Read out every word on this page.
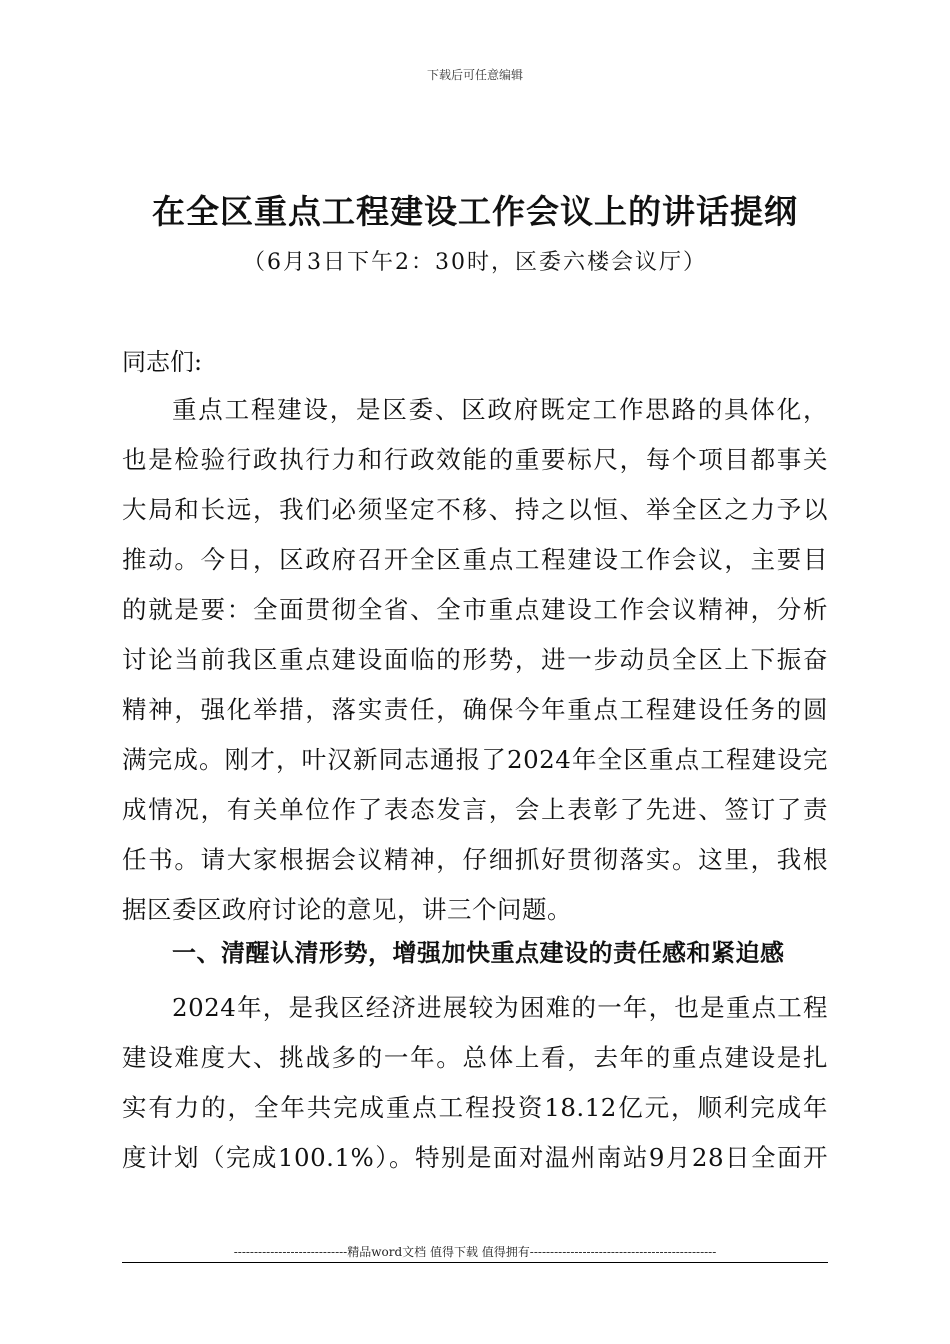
下载后可任意编辑
在全区重点工程建设工作会议上的讲话提纲
（6月3日下午2：30时，区委六楼会议厅）
同志们:
重点工程建设，是区委、区政府既定工作思路的具体化，
也是检验行政执行力和行政效能的重要标尺，每个项目都事关
大局和长远，我们必须坚定不移、持之以恒、举全区之力予以
推动。今日，区政府召开全区重点工程建设工作会议，主要目
的就是要：全面贯彻全省、全市重点建设工作会议精神，分析
讨论当前我区重点建设面临的形势，进一步动员全区上下振奋
精神，强化举措，落实责任，确保今年重点工程建设任务的圆
满完成。刚才，叶汉新同志通报了2024年全区重点工程建设完
成情况，有关单位作了表态发言，会上表彰了先进、签订了责
任书。请大家根据会议精神，仔细抓好贯彻落实。这里，我根
据区委区政府讨论的意见，讲三个问题。
一、清醒认清形势，增强加快重点建设的责任感和紧迫感
2024年，是我区经济进展较为困难的一年，也是重点工程
建设难度大、挑战多的一年。总体上看，去年的重点建设是扎
实有力的，全年共完成重点工程投资18.12亿元，顺利完成年
度计划（完成100.1%）。特别是面对温州南站9月28日全面开
----------------------------精品word文档 值得下载 值得拥有----------------------------------------------
